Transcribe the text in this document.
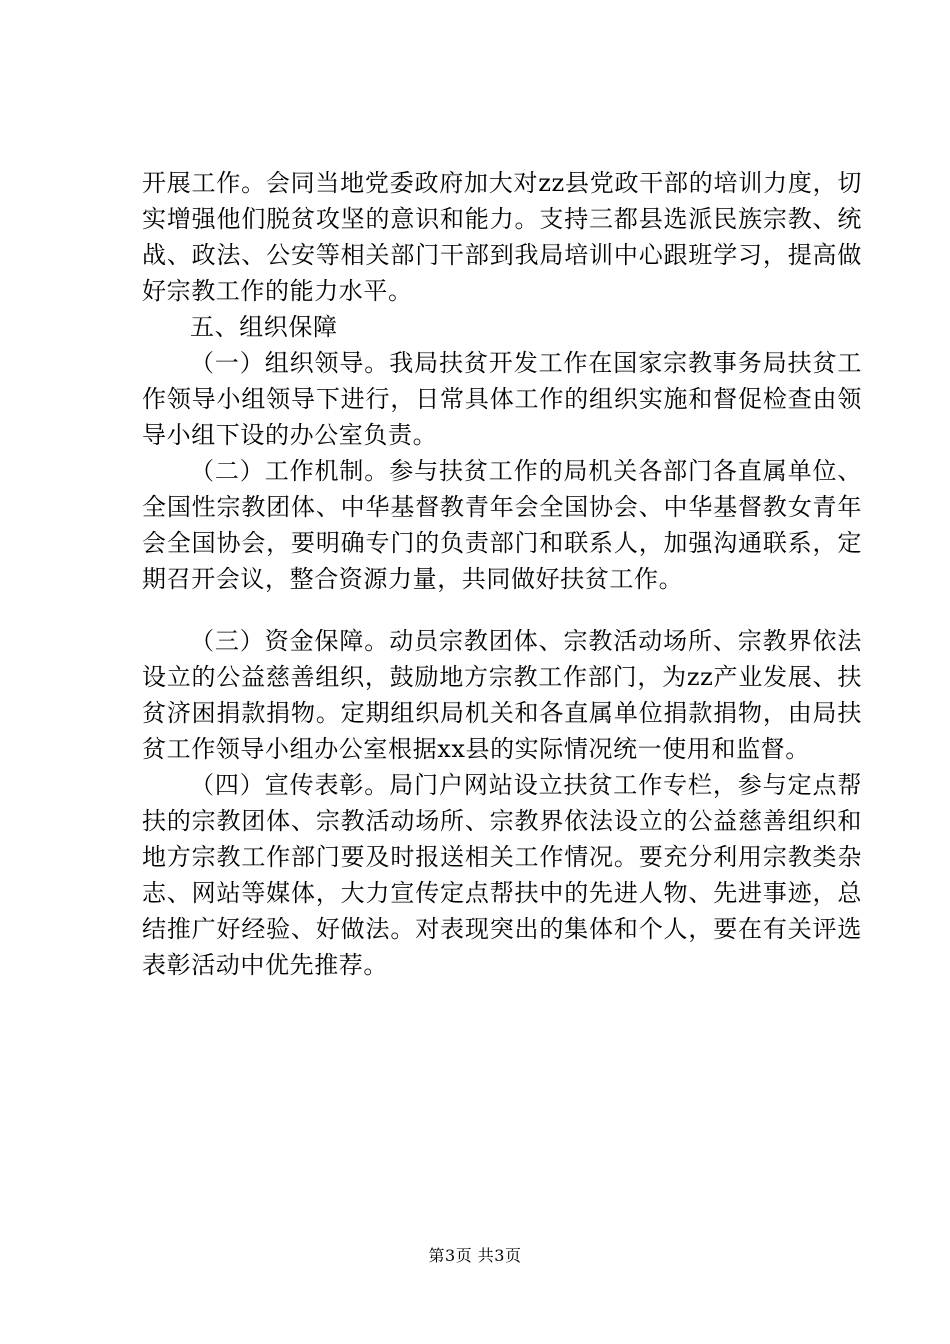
开展工作。会同当地党委政府加大对zz县党政干部的培训力度，切实增强他们脱贫攻坚的意识和能力。支持三都县选派民族宗教、统战、政法、公安等相关部门干部到我局培训中心跟班学习，提高做好宗教工作的能力水平。

五、组织保障

（一）组织领导。我局扶贫开发工作在国家宗教事务局扶贫工作领导小组领导下进行，日常具体工作的组织实施和督促检查由领导小组下设的办公室负责。

（二）工作机制。参与扶贫工作的局机关各部门各直属单位、全国性宗教团体、中华基督教青年会全国协会、中华基督教女青年会全国协会，要明确专门的负责部门和联系人，加强沟通联系，定期召开会议，整合资源力量，共同做好扶贫工作。

（三）资金保障。动员宗教团体、宗教活动场所、宗教界依法设立的公益慈善组织，鼓励地方宗教工作部门，为zz产业发展、扶贫济困捐款捐物。定期组织局机关和各直属单位捐款捐物，由局扶贫工作领导小组办公室根据xx县的实际情况统一使用和监督。

（四）宣传表彰。局门户网站设立扶贫工作专栏，参与定点帮扶的宗教团体、宗教活动场所、宗教界依法设立的公益慈善组织和地方宗教工作部门要及时报送相关工作情况。要充分利用宗教类杂志、网站等媒体，大力宣传定点帮扶中的先进人物、先进事迹，总结推广好经验、好做法。对表现突出的集体和个人，要在有关评选表彰活动中优先推荐。

第3页 共3页
